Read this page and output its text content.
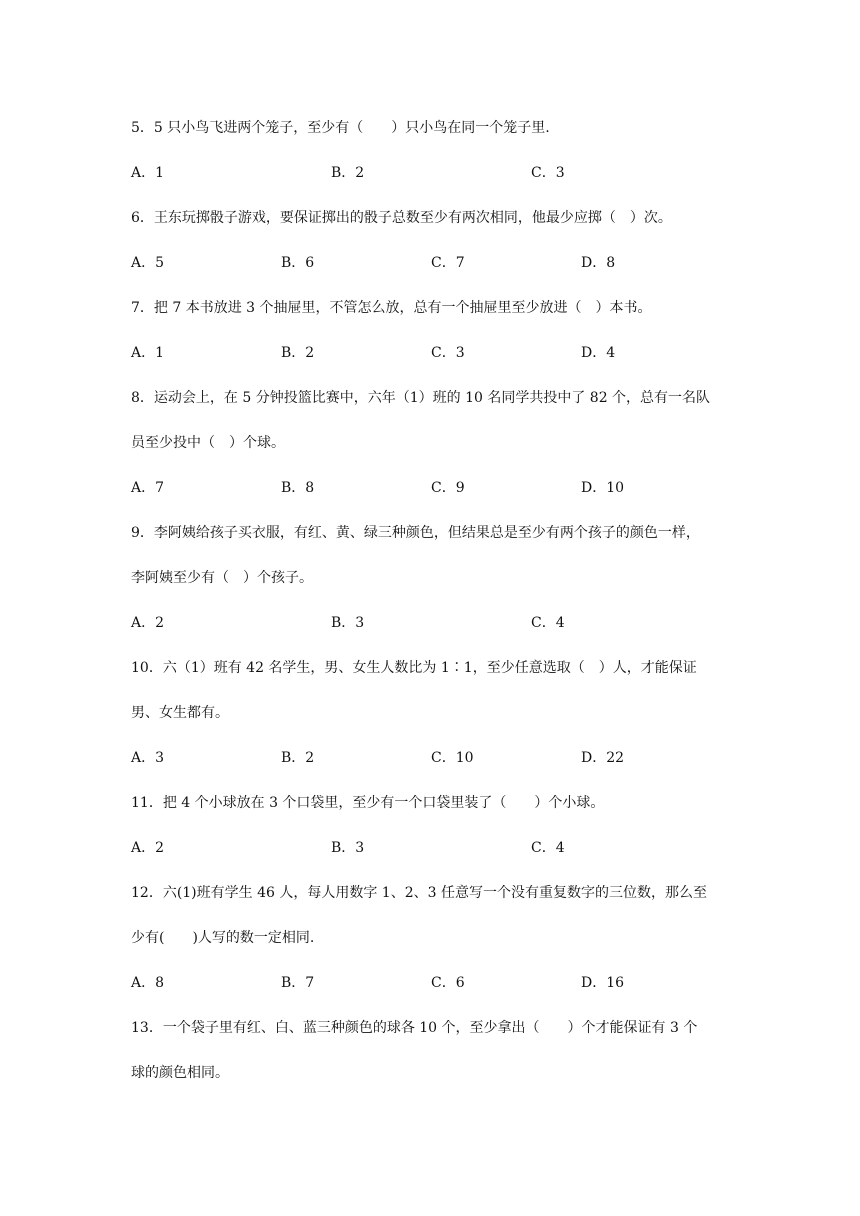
5．5 只小鸟飞进两个笼子，至少有（　　）只小鸟在同一个笼子里.
A．1	B．2	C．3
6．王东玩掷骰子游戏，要保证掷出的骰子总数至少有两次相同，他最少应掷（　）次。
A．5	B．6	C．7	D．8
7．把 7 本书放进 3 个抽屉里，不管怎么放，总有一个抽屉里至少放进（　）本书。
A．1	B．2	C．3	D．4
8．运动会上，在 5 分钟投篮比赛中，六年（1）班的 10 名同学共投中了 82 个，总有一名队
员至少投中（　）个球。
A．7	B．8	C．9	D．10
9．李阿姨给孩子买衣服，有红、黄、绿三种颜色，但结果总是至少有两个孩子的颜色一样，
李阿姨至少有（　）个孩子。
A．2	B．3	C．4
10．六（1）班有 42 名学生，男、女生人数比为 1∶1，至少任意选取（　）人，才能保证
男、女生都有。
A．3	B．2	C．10	D．22
11．把 4 个小球放在 3 个口袋里，至少有一个口袋里装了（　　）个小球。
A．2	B．3	C．4
12．六(1)班有学生 46 人，每人用数字 1、2、3 任意写一个没有重复数字的三位数，那么至
少有(　　)人写的数一定相同.
A．8	B．7	C．6	D．16
13．一个袋子里有红、白、蓝三种颜色的球各 10 个，至少拿出（　　）个才能保证有 3 个
球的颜色相同。
